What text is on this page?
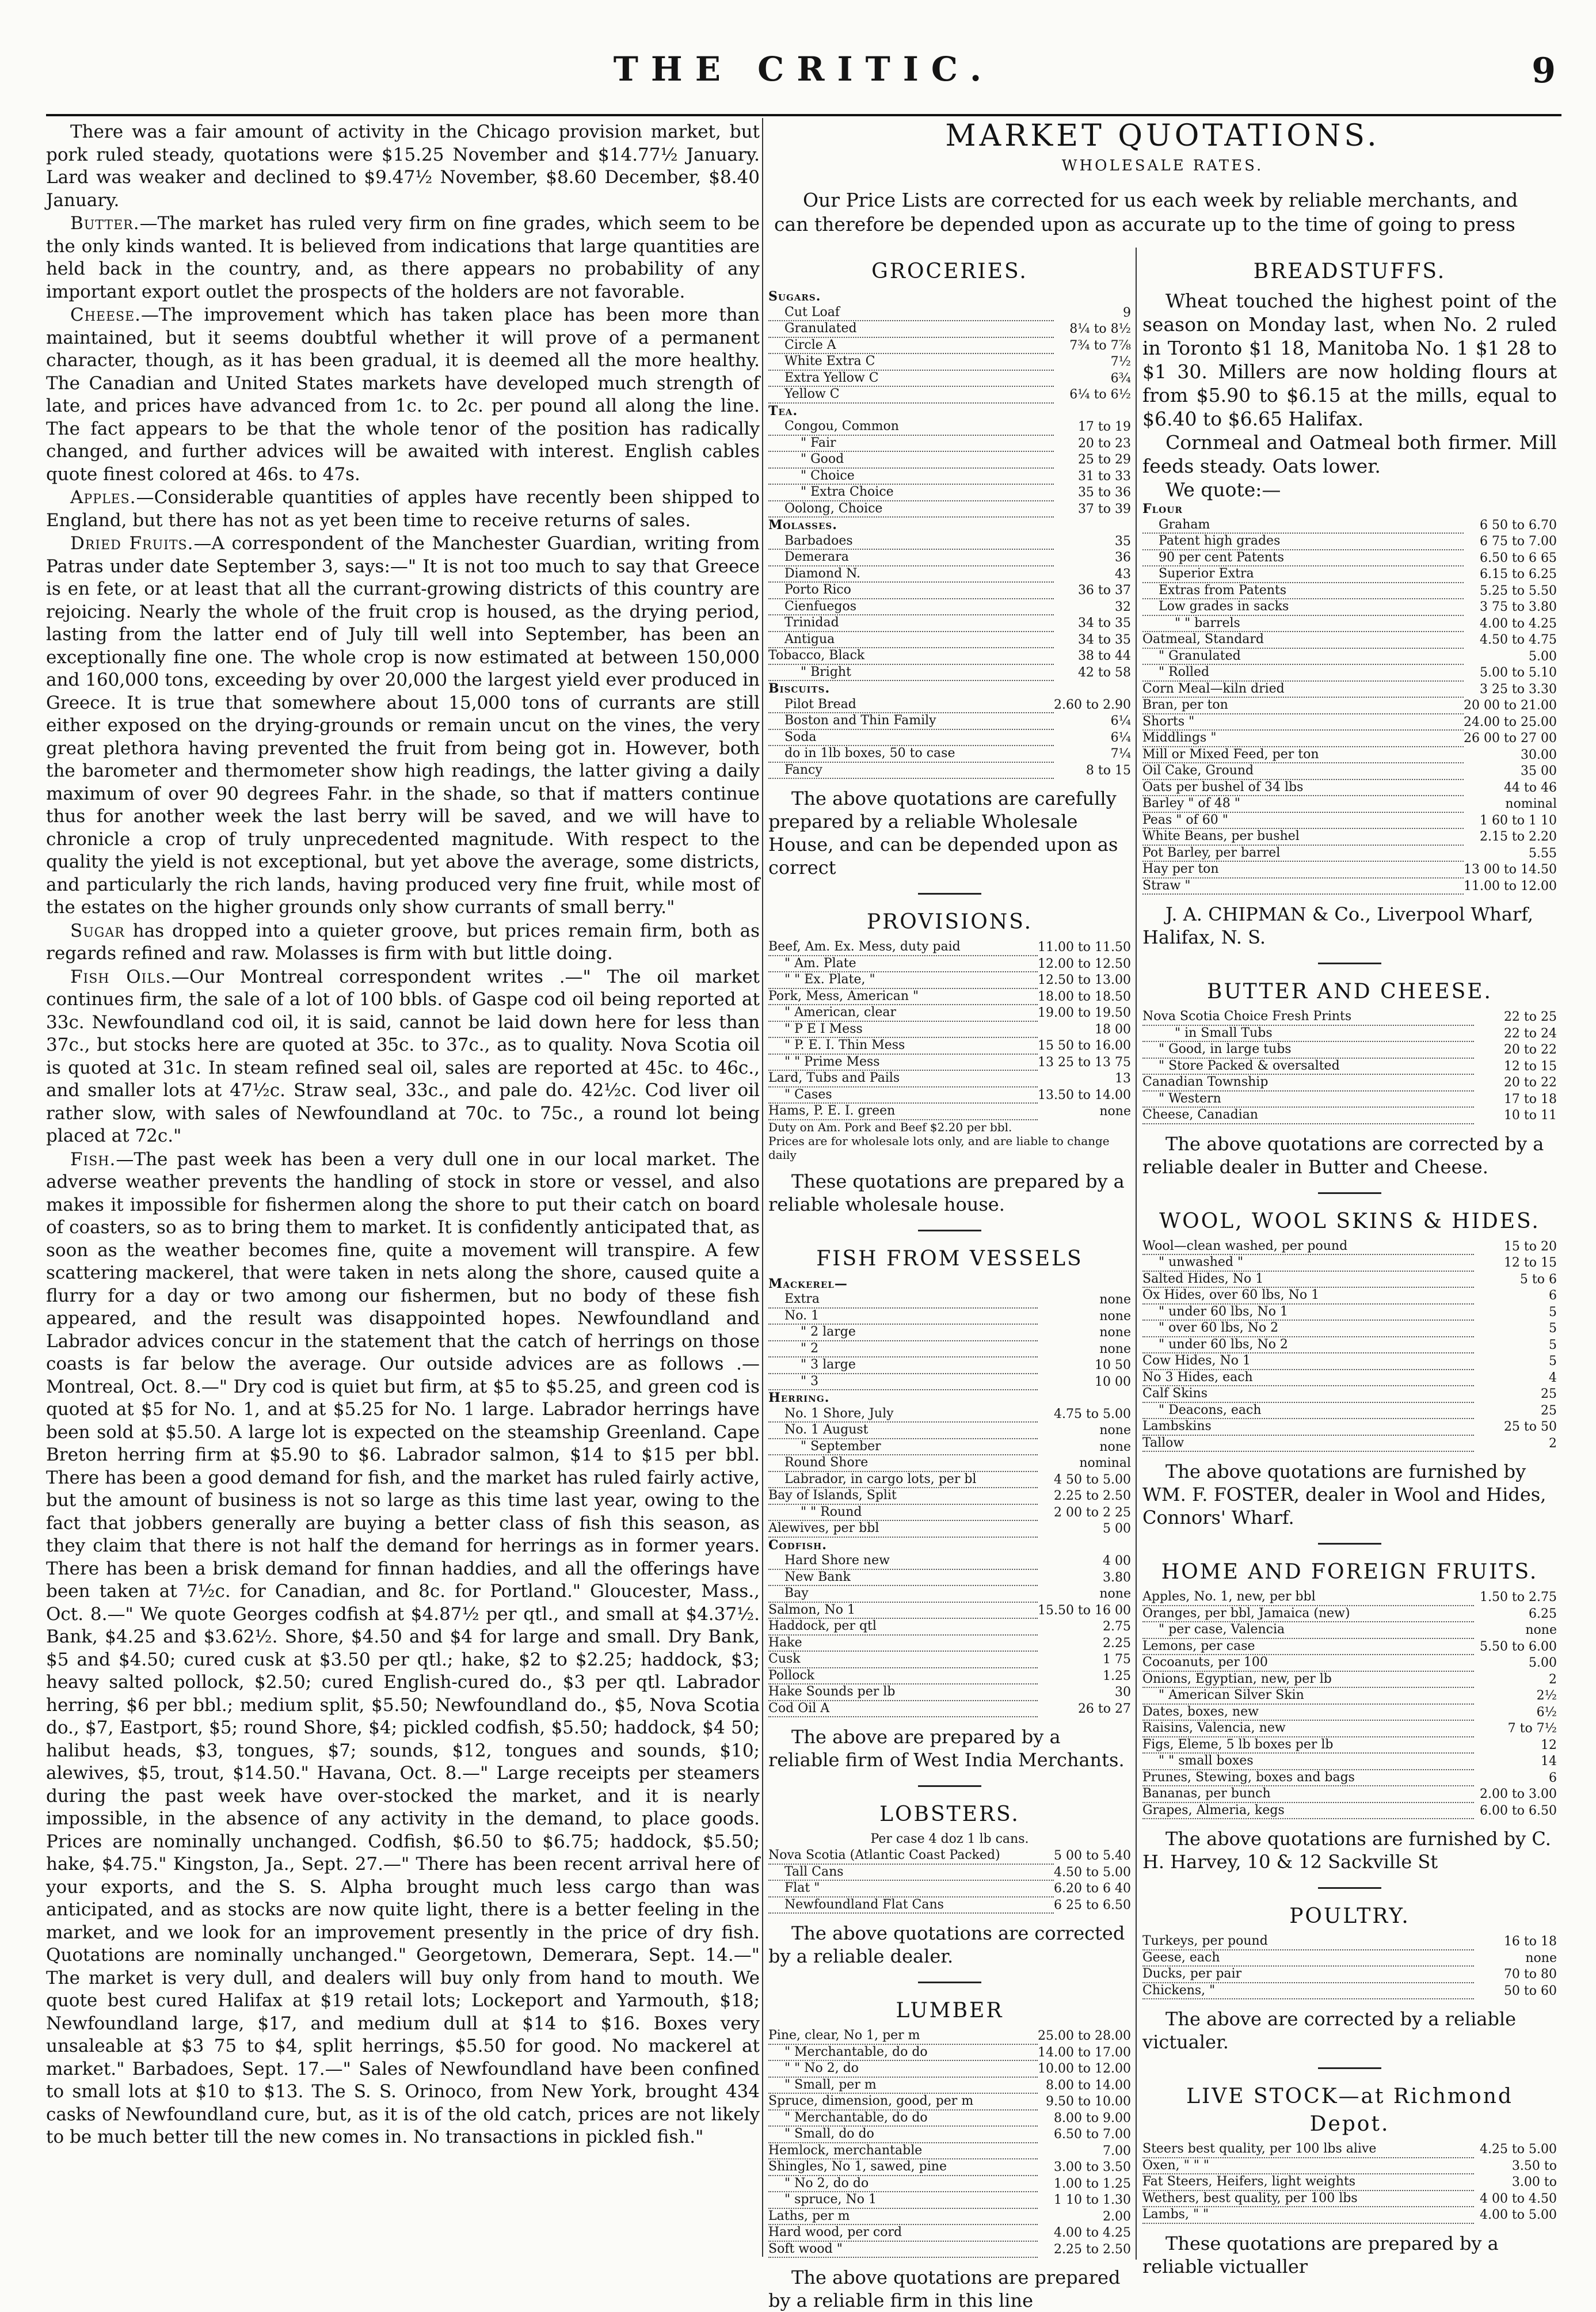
THE CRITIC.	9

There was a fair amount of activity in the Chicago provision market, but pork ruled steady, quotations were $15.25 November and $14.77½ January. Lard was weaker and declined to $9.47½ November, $8.60 December, $8.40 January.

Butter.—The market has ruled very firm on fine grades, which seem to be the only kinds wanted. It is believed from indications that large quantities are held back in the country, and, as there appears no probability of any important export outlet the prospects of the holders are not favorable.

Cheese.—The improvement which has taken place has been more than maintained, but it seems doubtful whether it will prove of a permanent character, though, as it has been gradual, it is deemed all the more healthy. The Canadian and United States markets have developed much strength of late, and prices have advanced from 1c. to 2c. per pound all along the line. The fact appears to be that the whole tenor of the position has radically changed, and further advices will be awaited with interest. English cables quote finest colored at 46s. to 47s.

Apples.—Considerable quantities of apples have recently been shipped to England, but there has not as yet been time to receive returns of sales.

Dried Fruits.—A correspondent of the Manchester Guardian, writing from Patras under date September 3, says:—" It is not too much to say that Greece is en fete, or at least that all the currant-growing districts of this country are rejoicing. Nearly the whole of the fruit crop is housed, as the drying period, lasting from the latter end of July till well into September, has been an exceptionally fine one. The whole crop is now estimated at between 150,000 and 160,000 tons, exceeding by over 20,000 the largest yield ever produced in Greece. It is true that somewhere about 15,000 tons of currants are still either exposed on the drying-grounds or remain uncut on the vines, the very great plethora having prevented the fruit from being got in. However, both the barometer and thermometer show high readings, the latter giving a daily maximum of over 90 degrees Fahr. in the shade, so that if matters continue thus for another week the last berry will be saved, and we will have to chronicle a crop of truly unprecedented magnitude. With respect to the quality the yield is not exceptional, but yet above the average, some districts, and particularly the rich lands, having produced very fine fruit, while most of the estates on the higher grounds only show currants of small berry."

Sugar has dropped into a quieter groove, but prices remain firm, both as regards refined and raw. Molasses is firm with but little doing.

Fish Oils.—Our Montreal correspondent writes .—" The oil market continues firm, the sale of a lot of 100 bbls. of Gaspe cod oil being reported at 33c. Newfoundland cod oil, it is said, cannot be laid down here for less than 37c., but stocks here are quoted at 35c. to 37c., as to quality. Nova Scotia oil is quoted at 31c. In steam refined seal oil, sales are reported at 45c. to 46c., and smaller lots at 47½c. Straw seal, 33c., and pale do. 42½c. Cod liver oil rather slow, with sales of Newfoundland at 70c. to 75c., a round lot being placed at 72c."

Fish.—The past week has been a very dull one in our local market. The adverse weather prevents the handling of stock in store or vessel, and also makes it impossible for fishermen along the shore to put their catch on board of coasters, so as to bring them to market. It is confidently anticipated that, as soon as the weather becomes fine, quite a movement will transpire. A few scattering mackerel, that were taken in nets along the shore, caused quite a flurry for a day or two among our fishermen, but no body of these fish appeared, and the result was disappointed hopes. Newfoundland and Labrador advices concur in the statement that the catch of herrings on those coasts is far below the average. Our outside advices are as follows .—Montreal, Oct. 8.—" Dry cod is quiet but firm, at $5 to $5.25, and green cod is quoted at $5 for No. 1, and at $5.25 for No. 1 large. Labrador herrings have been sold at $5.50. A large lot is expected on the steamship Greenland. Cape Breton herring firm at $5.90 to $6. Labrador salmon, $14 to $15 per bbl. There has been a good demand for fish, and the market has ruled fairly active, but the amount of business is not so large as this time last year, owing to the fact that jobbers generally are buying a better class of fish this season, as they claim that there is not half the demand for herrings as in former years. There has been a brisk demand for finnan haddies, and all the offerings have been taken at 7½c. for Canadian, and 8c. for Portland." Gloucester, Mass., Oct. 8.—" We quote Georges codfish at $4.87½ per qtl., and small at $4.37½. Bank, $4.25 and $3.62½. Shore, $4.50 and $4 for large and small. Dry Bank, $5 and $4.50; cured cusk at $3.50 per qtl.; hake, $2 to $2.25; haddock, $3; heavy salted pollock, $2.50; cured English-cured do., $3 per qtl. Labrador herring, $6 per bbl.; medium split, $5.50; Newfoundland do., $5, Nova Scotia do., $7, Eastport, $5; round Shore, $4; pickled codfish, $5.50; haddock, $4 50; halibut heads, $3, tongues, $7; sounds, $12, tongues and sounds, $10; alewives, $5, trout, $14.50." Havana, Oct. 8.—" Large receipts per steamers during the past week have over-stocked the market, and it is nearly impossible, in the absence of any activity in the demand, to place goods. Prices are nominally unchanged. Codfish, $6.50 to $6.75; haddock, $5.50; hake, $4.75." Kingston, Ja., Sept. 27.—" There has been recent arrival here of your exports, and the S. S. Alpha brought much less cargo than was anticipated, and as stocks are now quite light, there is a better feeling in the market, and we look for an improvement presently in the price of dry fish. Quotations are nominally unchanged." Georgetown, Demerara, Sept. 14.—" The market is very dull, and dealers will buy only from hand to mouth. We quote best cured Halifax at $19 retail lots; Lockeport and Yarmouth, $18; Newfoundland large, $17, and medium dull at $14 to $16. Boxes very unsaleable at $3 75 to $4, split herrings, $5.50 for good. No mackerel at market." Barbadoes, Sept. 17.—" Sales of Newfoundland have been confined to small lots at $10 to $13. The S. S. Orinoco, from New York, brought 434 casks of Newfoundland cure, but, as it is of the old catch, prices are not likely to be much better till the new comes in. No transactions in pickled fish."

MARKET QUOTATIONS.
WHOLESALE RATES.
Our Price Lists are corrected for us each week by reliable merchants, and can therefore be depended upon as accurate up to the time of going to press
GROCERIES.
Sugars.	
Cut Loaf	9
Granulated	8¼ to 8½
Circle A	7¾ to 7⅞
White Extra C	7½
Extra Yellow C	6¾
Yellow C	6¼ to 6½
Tea.	
Congou, Common	17 to 19
" Fair	20 to 23
" Good	25 to 29
" Choice	31 to 33
" Extra Choice	35 to 36
Oolong, Choice	37 to 39
Molasses.	
Barbadoes	35
Demerara	36
Diamond N.	43
Porto Rico	36 to 37
Cienfuegos	32
Trinidad	34 to 35
Antigua	34 to 35
Tobacco, Black	38 to 44
" Bright	42 to 58
Biscuits.	
Pilot Bread	2.60 to 2.90
Boston and Thin Family	6¼
Soda	6¼
do in 1lb boxes, 50 to case	7¼
Fancy	8 to 15
The above quotations are carefully prepared by a reliable Wholesale House, and can be depended upon as correct
PROVISIONS.
Beef, Am. Ex. Mess, duty paid	11.00 to 11.50
" Am. Plate	12.00 to 12.50
" " Ex. Plate, "	12.50 to 13.00
Pork, Mess, American "	18.00 to 18.50
" American, clear	19.00 to 19.50
" P E I Mess	18 00
" P. E. I. Thin Mess	15 50 to 16.00
" " Prime Mess	13 25 to 13 75
Lard, Tubs and Pails	13
" Cases	13.50 to 14.00
Hams, P. E. I. green	none
Duty on Am. Pork and Beef $2.20 per bbl.	
Prices are for wholesale lots only, and are liable to change daily	
These quotations are prepared by a reliable wholesale house.
FISH FROM VESSELS
Mackerel—	
Extra	none
No. 1	none
" 2 large	none
" 2	none
" 3 large	10 50
" 3	10 00
Herring.	
No. 1 Shore, July	4.75 to 5.00
No. 1 August	none
" September	none
Round Shore	nominal
Labrador, in cargo lots, per bl	4 50 to 5.00
Bay of Islands, Split	2.25 to 2.50
" " Round	2 00 to 2 25
Alewives, per bbl	5 00
Codfish.	
Hard Shore new	4 00
New Bank	3.80
Bay	none
Salmon, No 1	15.50 to 16 00
Haddock, per qtl	2.75
Hake	2.25
Cusk	1 75
Pollock	1.25
Hake Sounds per lb	30
Cod Oil A	26 to 27
The above are prepared by a reliable firm of West India Merchants.
LOBSTERS.
Per case 4 doz 1 lb cans.
Nova Scotia (Atlantic Coast Packed)	5 00 to 5.40
Tall Cans	4.50 to 5.00
Flat "	6.20 to 6 40
Newfoundland Flat Cans	6 25 to 6.50
The above quotations are corrected by a reliable dealer.
LUMBER
Pine, clear, No 1, per m	25.00 to 28.00
" Merchantable, do do	14.00 to 17.00
" " No 2, do	10.00 to 12.00
" Small, per m	8.00 to 14.00
Spruce, dimension, good, per m	9.50 to 10.00
" Merchantable, do do	8.00 to 9.00
" Small, do do	6.50 to 7.00
Hemlock, merchantable	7.00
Shingles, No 1, sawed, pine	3.00 to 3.50
" No 2, do do	1.00 to 1.25
" spruce, No 1	1 10 to 1.30
Laths, per m	2.00
Hard wood, per cord	4.00 to 4.25
Soft wood "	2.25 to 2.50
The above quotations are prepared by a reliable firm in this line
BREADSTUFFS.
Wheat touched the highest point of the season on Monday last, when No. 2 ruled in Toronto $1 18, Manitoba No. 1 $1 28 to $1 30. Millers are now holding flours at from $5.90 to $6.15 at the mills, equal to $6.40 to $6.65 Halifax.
Cornmeal and Oatmeal both firmer. Mill feeds steady. Oats lower.
We quote:—
Flour	
Graham	6 50 to 6.70
Patent high grades	6 75 to 7.00
90 per cent Patents	6.50 to 6 65
Superior Extra	6.15 to 6.25
Extras from Patents	5.25 to 5.50
Low grades in sacks	3 75 to 3.80
" " barrels	4.00 to 4.25
Oatmeal, Standard	4.50 to 4.75
" Granulated	5.00
" Rolled	5.00 to 5.10
Corn Meal—kiln dried	3 25 to 3.30
Bran, per ton	20 00 to 21.00
Shorts "	24.00 to 25.00
Middlings "	26 00 to 27 00
Mill or Mixed Feed, per ton	30.00
Oil Cake, Ground	35 00
Oats per bushel of 34 lbs	44 to 46
Barley " of 48 "	nominal
Peas " of 60 "	1 60 to 1 10
White Beans, per bushel	2.15 to 2.20
Pot Barley, per barrel	5.55
Hay per ton	13 00 to 14.50
Straw "	11.00 to 12.00
J. A. CHIPMAN & Co., Liverpool Wharf, Halifax, N. S.
BUTTER AND CHEESE.
Nova Scotia Choice Fresh Prints	22 to 25
" in Small Tubs	22 to 24
" Good, in large tubs	20 to 22
" Store Packed & oversalted	12 to 15
Canadian Township	20 to 22
" Western	17 to 18
Cheese, Canadian	10 to 11
The above quotations are corrected by a reliable dealer in Butter and Cheese.
WOOL, WOOL SKINS & HIDES.
Wool—clean washed, per pound	15 to 20
" unwashed "	12 to 15
Salted Hides, No 1	5 to 6
Ox Hides, over 60 lbs, No 1	6
" under 60 lbs, No 1	5
" over 60 lbs, No 2	5
" under 60 lbs, No 2	5
Cow Hides, No 1	5
No 3 Hides, each	4
Calf Skins	25
" Deacons, each	25
Lambskins	25 to 50
Tallow	2
The above quotations are furnished by WM. F. FOSTER, dealer in Wool and Hides, Connors' Wharf.
HOME AND FOREIGN FRUITS.
Apples, No. 1, new, per bbl	1.50 to 2.75
Oranges, per bbl, Jamaica (new)	6.25
" per case, Valencia	none
Lemons, per case	5.50 to 6.00
Cocoanuts, per 100	5.00
Onions, Egyptian, new, per lb	2
" American Silver Skin	2½
Dates, boxes, new	6½
Raisins, Valencia, new	7 to 7½
Figs, Eleme, 5 lb boxes per lb	12
" " small boxes	14
Prunes, Stewing, boxes and bags	6
Bananas, per bunch	2.00 to 3.00
Grapes, Almeria, kegs	6.00 to 6.50
The above quotations are furnished by C. H. Harvey, 10 & 12 Sackville St
POULTRY.
Turkeys, per pound	16 to 18
Geese, each	none
Ducks, per pair	70 to 80
Chickens, "	50 to 60
The above are corrected by a reliable victualer.
LIVE STOCK—at Richmond Depot.
Steers best quality, per 100 lbs alive	4.25 to 5.00
Oxen, " " "	3.50 to
Fat Steers, Heifers, light weights	3.00 to
Wethers, best quality, per 100 lbs	4 00 to 4.50
Lambs, " "	4.00 to 5.00
These quotations are prepared by a reliable victualler
